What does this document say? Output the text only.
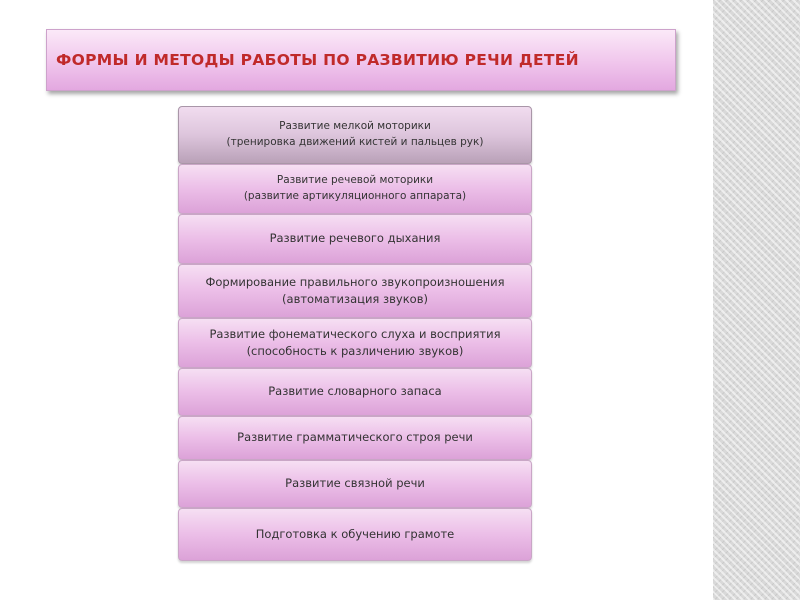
ФОРМЫ И МЕТОДЫ РАБОТЫ ПО РАЗВИТИЮ РЕЧИ ДЕТЕЙ
Развитие мелкой моторики
(тренировка движений кистей и пальцев рук)
Развитие речевой моторики
(развитие артикуляционного аппарата)
Развитие речевого дыхания
Формирование правильного звукопроизношения
(автоматизация звуков)
Развитие фонематического слуха и восприятия
(способность к различению звуков)
Развитие словарного запаса
Развитие грамматического строя речи
Развитие связной речи
Подготовка к обучению грамоте
